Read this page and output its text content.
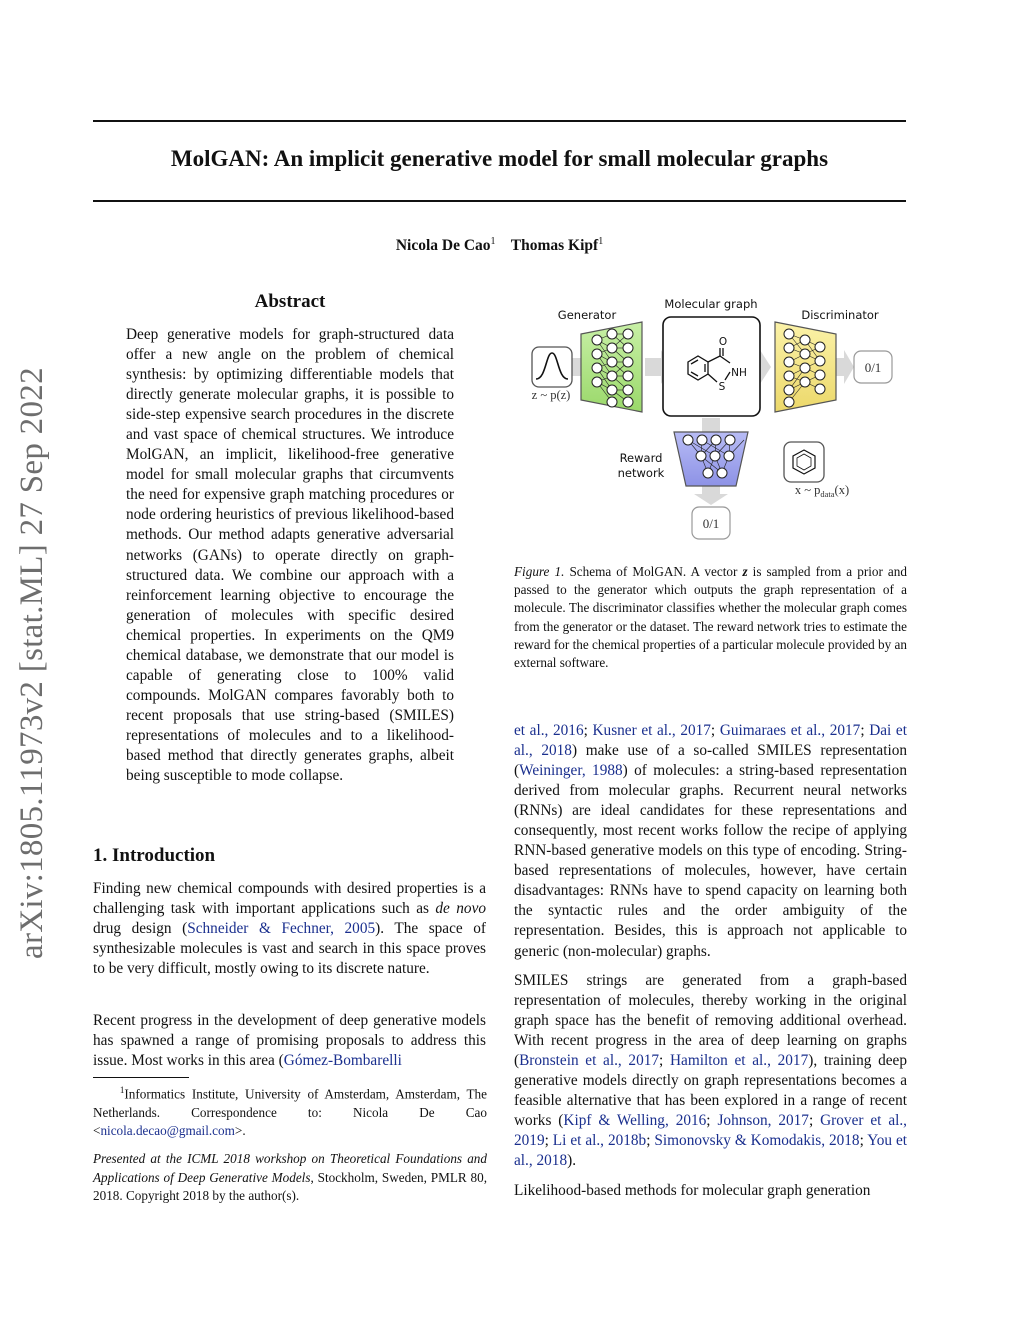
MolGAN: An implicit generative model for small molecular graphs
Nicola De Cao$^1$ Thomas Kipf$^1$
arXiv:1805.11973v2 [stat.ML] 27 Sep 2022
Abstract
Deep generative models for graph-structured data offer a new angle on the problem of chemical synthesis: by optimizing differentiable models that directly generate molecular graphs, it is possible to side-step expensive search procedures in the discrete and vast space of chemical structures. We introduce MolGAN, an implicit, likelihood-free generative model for small molecular graphs that circumvents the need for expensive graph matching procedures or node ordering heuristics of previous likelihood-based methods. Our method adapts generative adversarial networks (GANs) to operate directly on graph-structured data. We combine our approach with a reinforcement learning objective to encourage the generation of molecules with specific desired chemical properties. In experiments on the QM9 chemical database, we demonstrate that our model is capable of generating close to 100% valid compounds. MolGAN compares favorably both to recent proposals that use string-based (SMILES) representations of molecules and to a likelihood-based method that directly generates graphs, albeit being susceptible to mode collapse.
1. Introduction
Finding new chemical compounds with desired properties is a challenging task with important applications such as de novo drug design (Schneider & Fechner, 2005). The space of synthesizable molecules is vast and search in this space proves to be very difficult, mostly owing to its discrete nature.
Recent progress in the development of deep generative models has spawned a range of promising proposals to address this issue. Most works in this area (Gómez-Bombarelli
$^1$Informatics Institute, University of Amsterdam, Amsterdam, The Netherlands. Correspondence to: Nicola De Cao <nicola.decao@gmail.com>.
Presented at the ICML 2018 workshop on Theoretical Foundations and Applications of Deep Generative Models, Stockholm, Sweden, PMLR 80, 2018. Copyright 2018 by the author(s).
Generator
Molecular graph
Discriminator
Reward
network
z ~ p(z)
O
NH
S
0/1
0/1
x ~ $p_{data}(x)$
Figure 1. Schema of MolGAN. A vector z is sampled from a prior and passed to the generator which outputs the graph representation of a molecule. The discriminator classifies whether the molecular graph comes from the generator or the dataset. The reward network tries to estimate the reward for the chemical properties of a particular molecule provided by an external software.
et al., 2016; Kusner et al., 2017; Guimaraes et al., 2017; Dai et al., 2018) make use of a so-called SMILES representation (Weininger, 1988) of molecules: a string-based representation derived from molecular graphs. Recurrent neural networks (RNNs) are ideal candidates for these representations and consequently, most recent works follow the recipe of applying RNN-based generative models on this type of encoding. String-based representations of molecules, however, have certain disadvantages: RNNs have to spend capacity on learning both the syntactic rules and the order ambiguity of the representation. Besides, this is approach not applicable to generic (non-molecular) graphs.
SMILES strings are generated from a graph-based representation of molecules, thereby working in the original graph space has the benefit of removing additional overhead. With recent progress in the area of deep learning on graphs (Bronstein et al., 2017; Hamilton et al., 2017), training deep generative models directly on graph representations becomes a feasible alternative that has been explored in a range of recent works (Kipf & Welling, 2016; Johnson, 2017; Grover et al., 2019; Li et al., 2018b; Simonovsky & Komodakis, 2018; You et al., 2018).
Likelihood-based methods for molecular graph generation
